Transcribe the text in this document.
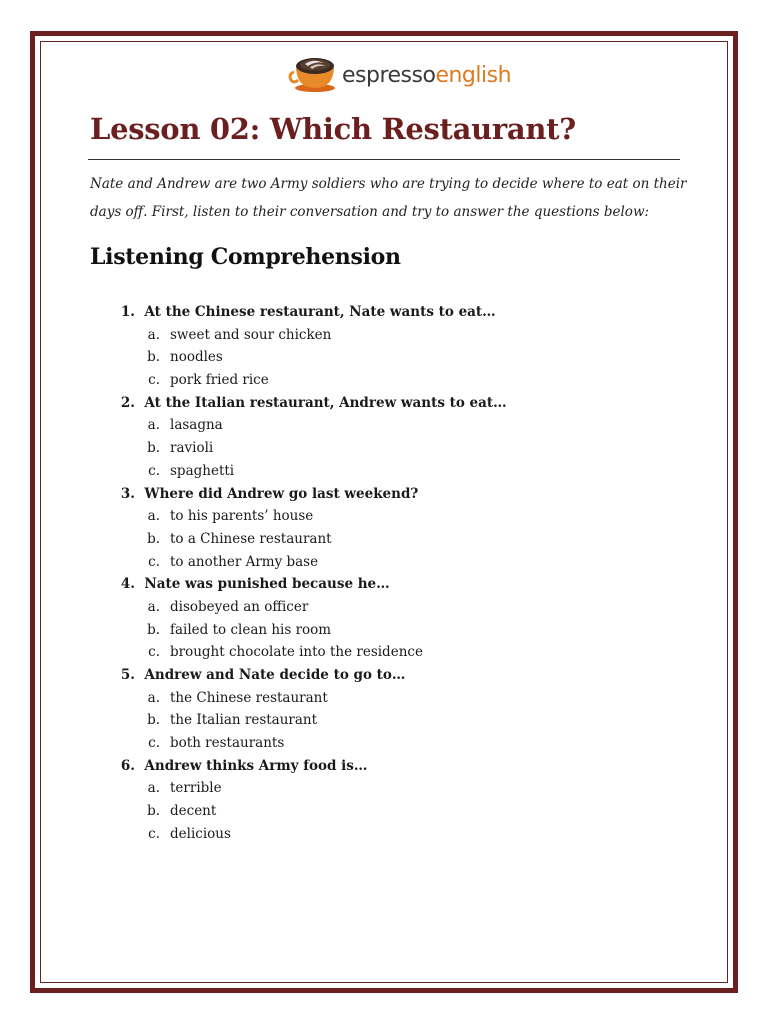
espressoenglish
Lesson 02: Which Restaurant?

Nate and Andrew are two Army soldiers who are trying to decide where to eat on their days off. First, listen to their conversation and try to answer the questions below:

Listening Comprehension
1. At the Chinese restaurant, Nate wants to eat…
a. sweet and sour chicken
b. noodles
c. pork fried rice
2. At the Italian restaurant, Andrew wants to eat…
a. lasagna
b. ravioli
c. spaghetti
3. Where did Andrew go last weekend?
a. to his parents’ house
b. to a Chinese restaurant
c. to another Army base
4. Nate was punished because he…
a. disobeyed an officer
b. failed to clean his room
c. brought chocolate into the residence
5. Andrew and Nate decide to go to…
a. the Chinese restaurant
b. the Italian restaurant
c. both restaurants
6. Andrew thinks Army food is…
a. terrible
b. decent
c. delicious
